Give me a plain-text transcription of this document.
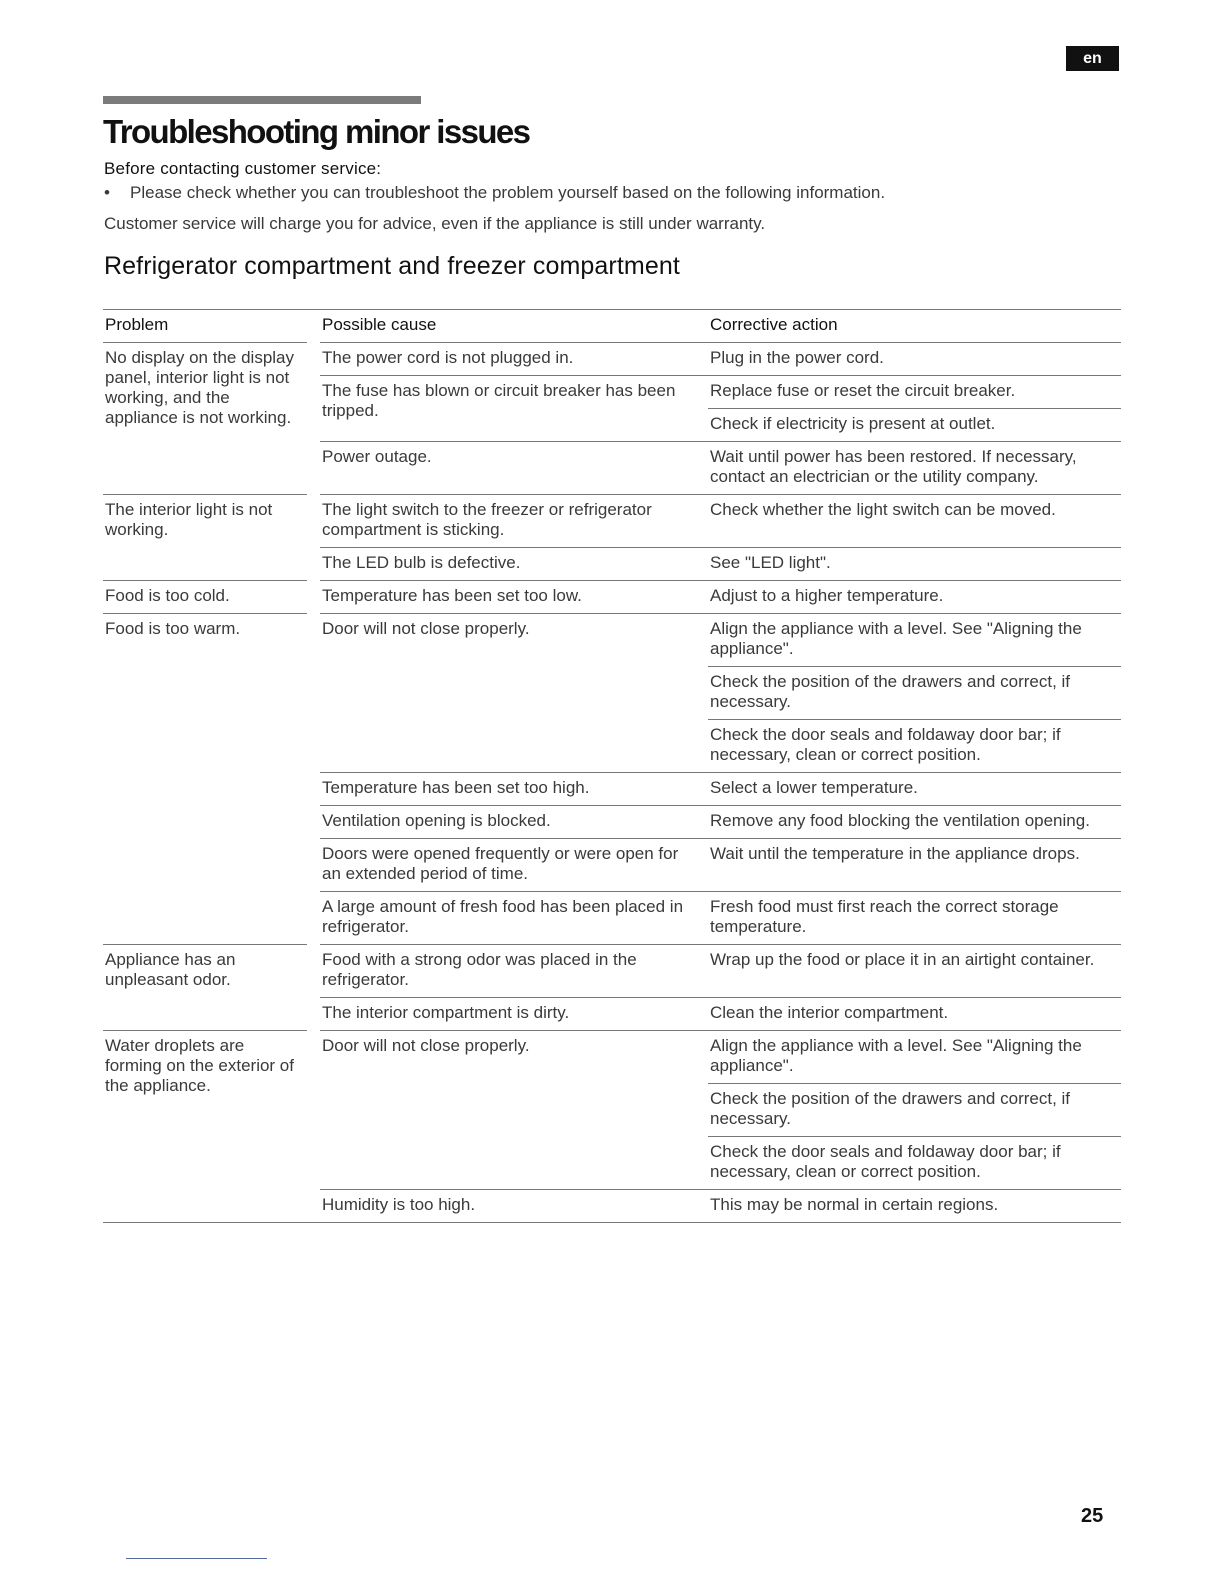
en
Troubleshooting minor issues
Before contacting customer service:
• Please check whether you can troubleshoot the problem yourself based on the following information.
Customer service will charge you for advice, even if the appliance is still under warranty.
Refrigerator compartment and freezer compartment
Problem		Possible cause		Corrective action
No display on the display panel, interior light is not working, and the appliance is not working.		The power cord is not plugged in.		Plug in the power cord.
		The fuse has blown or circuit breaker has been tripped.		Replace fuse or reset the circuit breaker.
				Check if electricity is present at outlet.
		Power outage.		Wait until power has been restored. If necessary, contact an electrician or the utility company.
The interior light is not working.		The light switch to the freezer or refrigerator compartment is sticking.		Check whether the light switch can be moved.
		The LED bulb is defective.		See "LED light".
Food is too cold.		Temperature has been set too low.		Adjust to a higher temperature.
Food is too warm.		Door will not close properly.		Align the appliance with a level. See "Aligning the appliance".
				Check the position of the drawers and correct, if necessary.
				Check the door seals and foldaway door bar; if necessary, clean or correct position.
		Temperature has been set too high.		Select a lower temperature.
		Ventilation opening is blocked.		Remove any food blocking the ventilation opening.
		Doors were opened frequently or were open for an extended period of time.		Wait until the temperature in the appliance drops.
		A large amount of fresh food has been placed in refrigerator.		Fresh food must first reach the correct storage temperature.
Appliance has an unpleasant odor.		Food with a strong odor was placed in the refrigerator.		Wrap up the food or place it in an airtight container.
		The interior compartment is dirty.		Clean the interior compartment.
Water droplets are forming on the exterior of the appliance.		Door will not close properly.		Align the appliance with a level. See "Aligning the appliance".
				Check the position of the drawers and correct, if necessary.
				Check the door seals and foldaway door bar; if necessary, clean or correct position.
		Humidity is too high.		This may be normal in certain regions.
25
